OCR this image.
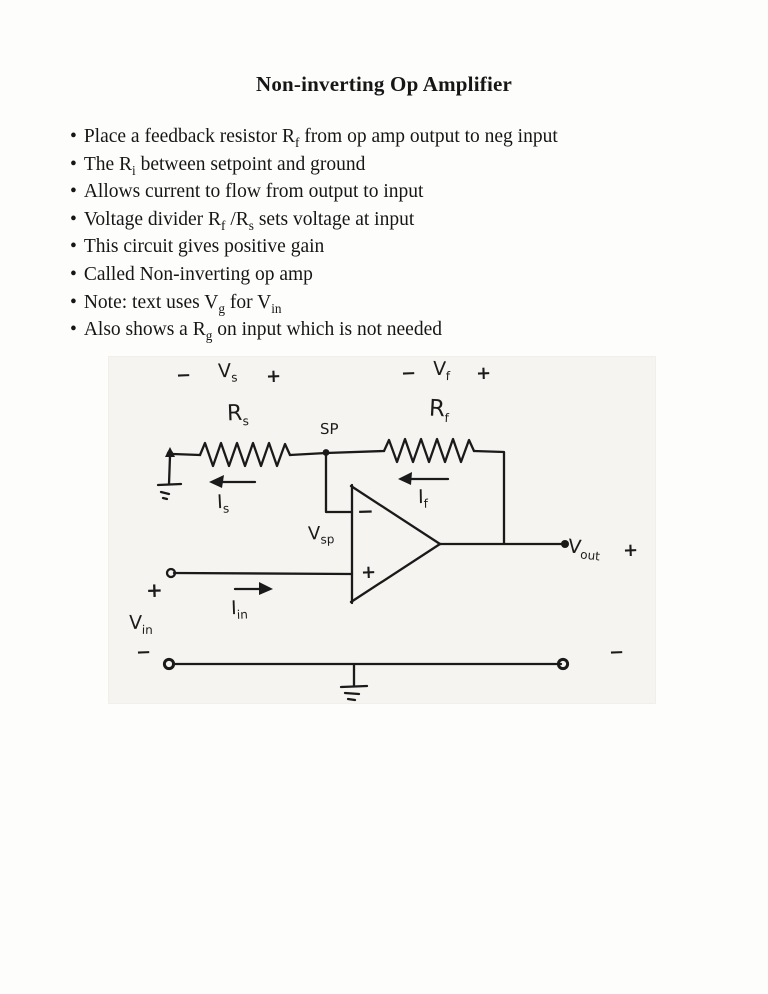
Non-inverting Op Amplifier
• Place a feedback resistor $R_f$ from op amp output to neg input
• The $R_i$ between setpoint and ground
• Allows current to flow from output to input
• Voltage divider $R_f$ $/R_s$ sets voltage at input
• This circuit gives positive gain
• Called Non-inverting op amp
• Note: text uses $V_g$ for $V_{in}$
• Also shows a $R_g$ on input which is not needed
− $V_s$ +
$R_s$	SP
− $V_f$ +
$R_f$
$I_s$
$I_f$
$V_{sp}$
−
+
+
$I_{in}$
$V_{in}$
−
$V_{out}$ +
−
